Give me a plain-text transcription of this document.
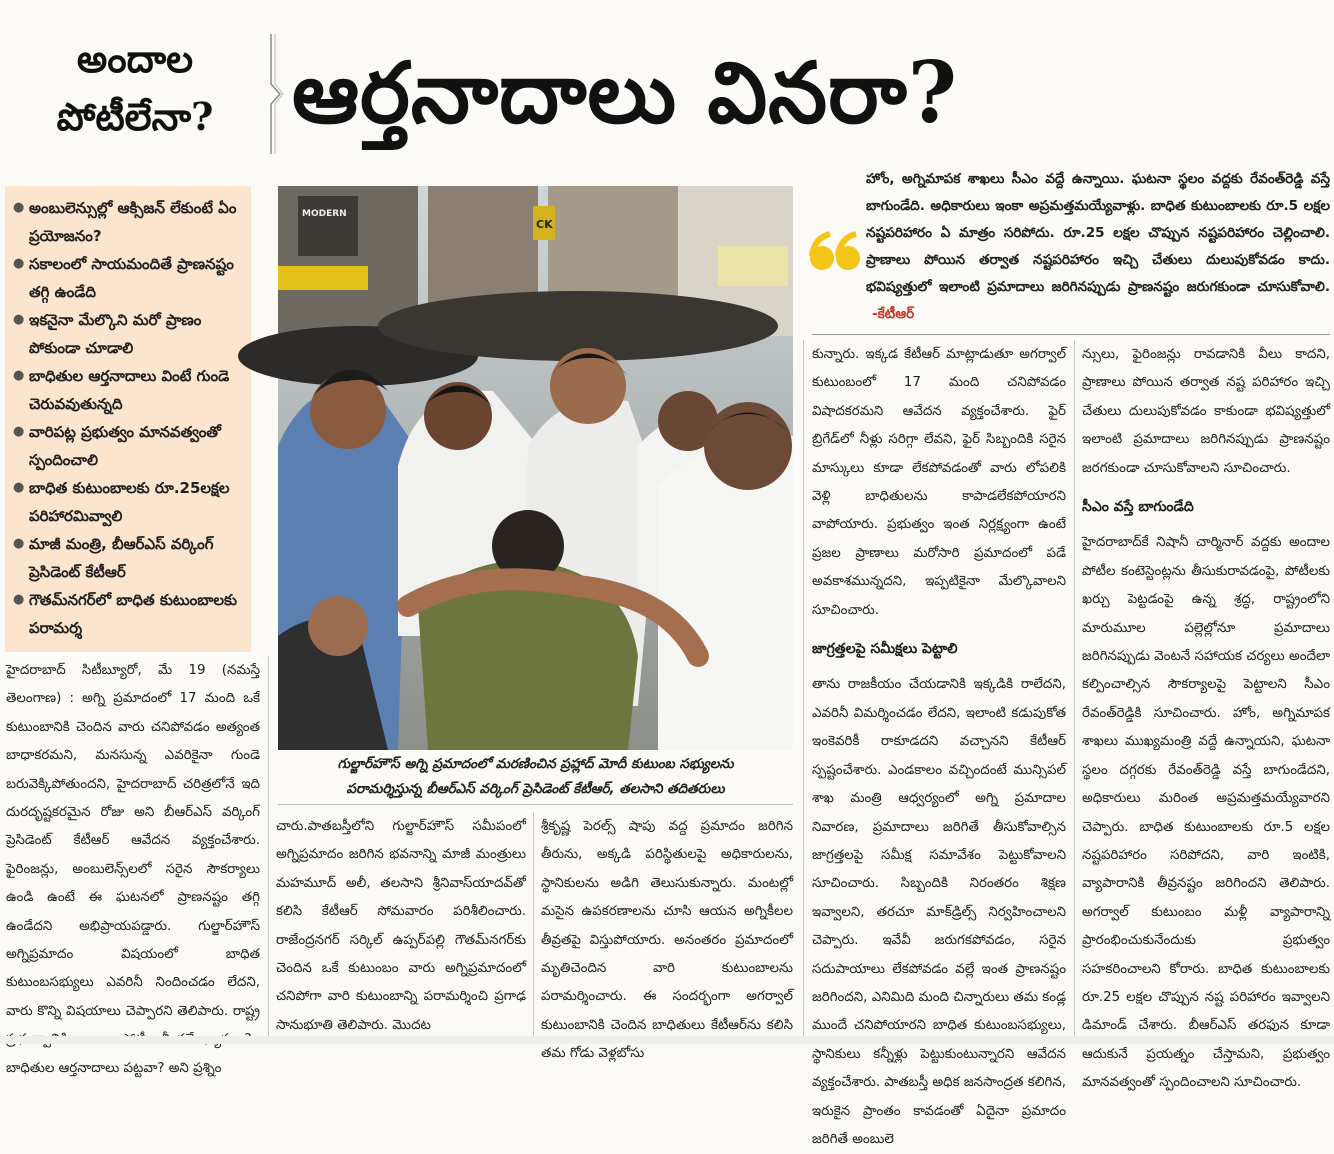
అందాల
పోటీలేనా? ఆర్తనాదాలు వినరా?
● అంబులెన్సుల్లో ఆక్సిజన్ లేకుంటే ఏం ప్రయోజనం?
● సకాలంలో సాయమందితే ప్రాణనష్టం తగ్గి ఉండేది
● ఇకనైనా మేల్కొని మరో ప్రాణం పోకుండా చూడాలి
● బాధితుల ఆర్తనాదాలు వింటే గుండె చెరువవుతున్నది
● వారిపట్ల ప్రభుత్వం మానవత్వంతో స్పందించాలి
● బాధిత కుటుంబాలకు రూ.25లక్షల పరిహారమివ్వాలి
● మాజీ మంత్రి, బీఆర్ఎస్ వర్కింగ్ ప్రెసిడెంట్ కేటీఆర్
● గౌతమ్‌నగర్‌లో బాధిత కుటుంబాలకు పరామర్శ
CK
MODERN
గుల్జార్‌హౌస్ అగ్ని ప్రమాదంలో మరణించిన ప్రహ్లాద్ మోదీ కుటుంబ సభ్యులను
పరామర్శిస్తున్న బీఆర్ఎస్ వర్కింగ్ ప్రెసిడెంట్ కేటీఆర్, తలసాని తదితరులు
హోం, అగ్నిమాపక శాఖలు సీఎం వద్దే ఉన్నాయి. ఘటనా స్థలం వద్దకు రేవంత్‌రెడ్డి వస్తే బాగుండేది. అధికారులు ఇంకా అప్రమత్తమయ్యేవాళ్లు. బాధిత కుటుంబాలకు రూ.5 లక్షల నష్టపరిహారం ఏ మాత్రం సరిపోదు. రూ.25 లక్షల చొప్పున నష్టపరిహారం చెల్లించాలి. ప్రాణాలు పోయిన తర్వాత నష్టపరిహారం ఇచ్చి చేతులు దులుపుకోవడం కాదు. భవిష్యత్తులో ఇలాంటి ప్రమాదాలు జరిగినప్పుడు ప్రాణనష్టం జరుగకుండా చూసుకోవాలి. -కేటీఆర్

హైదరాబాద్ సిటీబ్యూరో, మే 19 (నమస్తే తెలంగాణ) : అగ్ని ప్రమాదంలో 17 మంది ఒకే కుటుంబానికి చెందిన వారు చనిపోవడం అత్యంత బాధాకరమని, మనసున్న ఎవరికైనా గుండె బరువెక్కిపోతుందని, హైదరాబాద్ చరిత్రలోనే ఇది దురదృష్టకరమైన రోజు అని బీఆర్ఎస్ వర్కింగ్ ప్రెసిడెంట్ కేటీఆర్ ఆవేదన వ్యక్తంచేశారు. ఫైరింజన్లు, అంబులెన్స్‌లలో సరైన సౌకర్యాలు ఉండి ఉంటే ఈ ఘటనలో ప్రాణనష్టం తగ్గి ఉండేదని అభిప్రాయపడ్డారు. గుల్జార్‌హౌస్ అగ్నిప్రమాదం విషయంలో బాధిత కుటుంబసభ్యులు ఎవరినీ నిందించడం లేదని, వారు కొన్ని విషయాలు చెప్పారని తెలిపారు. రాష్ట్ర బాధితుల ఆర్తనాదాలు పట్టవా? అని ప్రశ్నిం

చారు.పాతబస్తీలోని గుల్జార్‌హౌస్ సమీపంలో అగ్నిప్రమాదం జరిగిన భవనాన్ని మాజీ మంత్రులు మహమూద్ అలీ, తలసాని శ్రీనివాస్‌యాదవ్‌తో కలిసి కేటీఆర్ సోమవారం పరిశీలించారు. రాజేంద్రనగర్ సర్కిల్ ఉప్పర్‌పల్లి గౌతమ్‌నగర్‌కు చెందిన ఒకే కుటుంబం వారు అగ్నిప్రమాదంలో చనిపోగా వారి కుటుంబాన్ని పరామర్శించి ప్రగాఢ సానుభూతి తెలిపారు. మొదట

శ్రీకృష్ణ పెరల్స్ షాపు వద్ద ప్రమాదం జరిగిన తీరును, అక్కడి పరిస్థితులపై అధికారులను, స్థానికులను అడిగి తెలుసుకున్నారు. మంటల్లో మసైన ఉపకరణాలను చూసి ఆయన అగ్నికీలల తీవ్రతపై విస్తుపోయారు. అనంతరం ప్రమాదంలో మృతిచెందిన వారి కుటుంబాలను పరామర్శించారు. ఈ సందర్భంగా అగర్వాల్ కుటుంబానికి చెందిన బాధితులు కేటీఆర్‌ను కలిసి తమ గోడు వెళ్లబోసు

కున్నారు. ఇక్కడ కేటీఆర్ మాట్లాడుతూ అగర్వాల్ కుటుంబంలో 17 మంది చనిపోవడం విషాదకరమని ఆవేదన వ్యక్తంచేశారు. ఫైర్ బ్రిగేడ్‌లో నీళ్లు సరిగ్గా లేవని, ఫైర్ సిబ్బందికి సరైన మాస్కులు కూడా లేకపోవడంతో వారు లోపలికి వెళ్లి బాధితులను కాపాడలేకపోయారని వాపోయారు. ప్రభుత్వం ఇంత నిర్లక్ష్యంగా ఉంటే ప్రజల ప్రాణాలు మరోసారి ప్రమాదంలో పడే అవకాశమున్నదని, ఇప్పటికైనా మేల్కొవాలని సూచించారు.

జాగ్రత్తలపై సమీక్షలు పెట్టాలి

తాను రాజకీయం చేయడానికి ఇక్కడికి రాలేదని, ఎవరినీ విమర్శించడం లేదని, ఇలాంటి కడుపుకోత ఇంకెవరికీ రాకూడదని వచ్చానని కేటీఆర్ స్పష్టంచేశారు. ఎండకాలం వచ్చిందంటే మున్సిపల్ శాఖ మంత్రి ఆధ్వర్యంలో అగ్ని ప్రమాదాల నివారణ, ప్రమాదాలు జరిగితే తీసుకోవాల్సిన జాగ్రత్తలపై సమీక్ష సమావేశం పెట్టుకోవాలని సూచించారు. సిబ్బందికి నిరంతరం శిక్షణ ఇవ్వాలని, తరచూ మాక్‌డ్రిల్స్ నిర్వహించాలని చెప్పారు. ఇవేవీ జరుగకపోవడం, సరైన సదుపాయాలు లేకపోవడం వల్లే ఇంత ప్రాణనష్టం జరిగిందని, ఎనిమిది మంది చిన్నారులు తమ కండ్ల ముందే చనిపోయారని బాధిత కుటుంబసభ్యులు, స్థానికులు కన్నీళ్లు పెట్టుకుంటున్నారని ఆవేదన వ్యక్తంచేశారు. పాతబస్తీ అధిక జనసాంద్రత కలిగిన, ఇరుకైన ప్రాంతం కావడంతో ఏదైనా ప్రమాదం జరిగితే అంబులె

న్సులు, ఫైరింజన్లు రావడానికి వీలు కాదని, ప్రాణాలు పోయిన తర్వాత నష్ట పరిహారం ఇచ్చి చేతులు దులుపుకోవడం కాకుండా భవిష్యత్తులో ఇలాంటి ప్రమాదాలు జరిగినప్పుడు ప్రాణనష్టం జరగకుండా చూసుకోవాలని సూచించారు.

సీఎం వస్తే బాగుండేది

హైదరాబాద్‌కే నిషానీ చార్మినార్ వద్దకు అందాల పోటీల కంటెస్టెంట్లను తీసుకురావడంపై, పోటీలకు ఖర్చు పెట్టడంపై ఉన్న శ్రద్ధ, రాష్ట్రంలోని మారుమూల పల్లెల్లోనూ ప్రమాదాలు జరిగినప్పుడు వెంటనే సహాయక చర్యలు అందేలా కల్పించాల్సిన సౌకర్యాలపై పెట్టాలని సీఎం రేవంత్‌రెడ్డికి సూచించారు. హోం, అగ్నిమాపక శాఖలు ముఖ్యమంత్రి వద్దే ఉన్నాయని, ఘటనా స్థలం దగ్గరకు రేవంత్‌రెడ్డి వస్తే బాగుండేదని, అధికారులు మరింత అప్రమత్తమయ్యేవారని చెప్పారు. బాధిత కుటుంబాలకు రూ.5 లక్షల నష్టపరిహారం సరిపోదని, వారి ఇంటికి, వ్యాపారానికి తీవ్రనష్టం జరిగిందని తెలిపారు. అగర్వాల్ కుటుంబం మళ్లీ వ్యాపారాన్ని ప్రారంభించుకునేందుకు ప్రభుత్వం సహకరించాలని కోరారు. బాధిత కుటుంబాలకు రూ.25 లక్షల చొప్పున నష్ట పరిహారం ఇవ్వాలని డిమాండ్ చేశారు. బీఆర్ఎస్ తరఫున కూడా ఆదుకునే ప్రయత్నం చేస్తామని, ప్రభుత్వం మానవత్వంతో స్పందించాలని సూచించారు.
